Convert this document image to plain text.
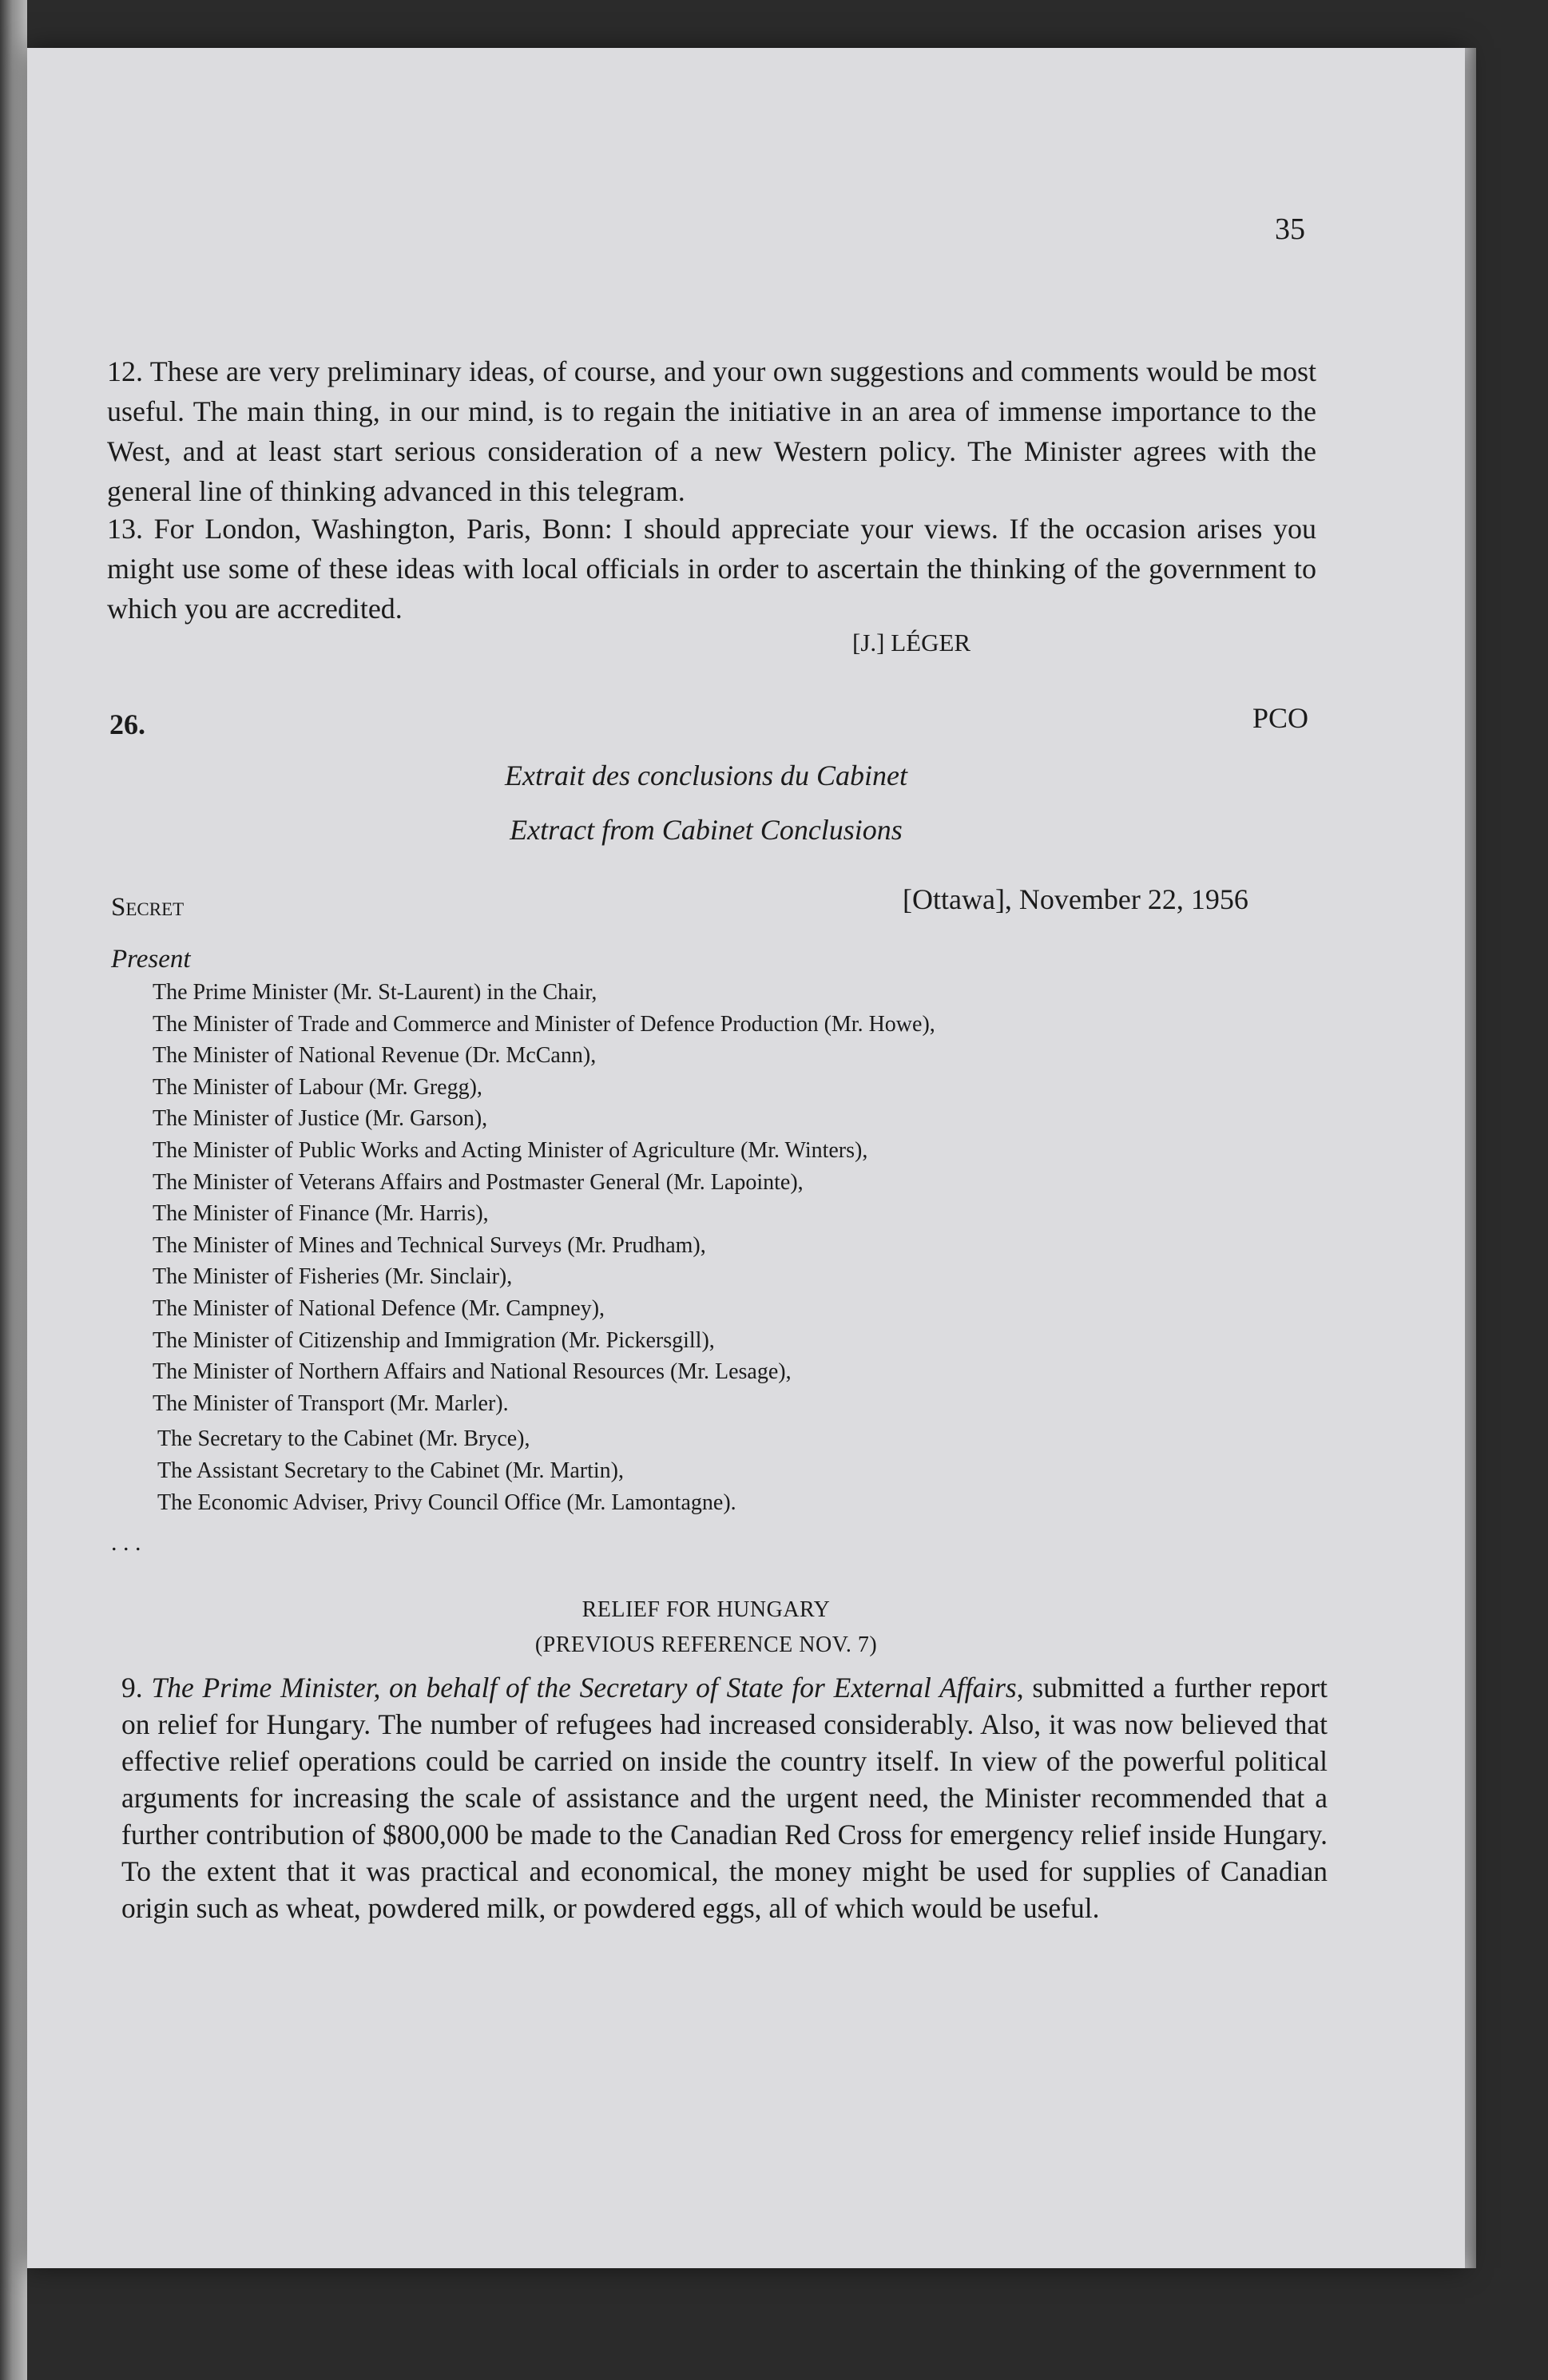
35
12. These are very preliminary ideas, of course, and your own suggestions and comments would be most useful. The main thing, in our mind, is to regain the initiative in an area of immense importance to the West, and at least start serious consideration of a new Western policy. The Minister agrees with the general line of thinking advanced in this telegram.
13. For London, Washington, Paris, Bonn: I should appreciate your views. If the occasion arises you might use some of these ideas with local officials in order to ascertain the thinking of the government to which you are accredited.
[J.] LÉGER
26.	PCO
Extrait des conclusions du Cabinet
Extract from Cabinet Conclusions
Secret	[Ottawa], November 22, 1956
Present
The Prime Minister (Mr. St-Laurent) in the Chair,
The Minister of Trade and Commerce and Minister of Defence Production (Mr. Howe),
The Minister of National Revenue (Dr. McCann),
The Minister of Labour (Mr. Gregg),
The Minister of Justice (Mr. Garson),
The Minister of Public Works and Acting Minister of Agriculture (Mr. Winters),
The Minister of Veterans Affairs and Postmaster General (Mr. Lapointe),
The Minister of Finance (Mr. Harris),
The Minister of Mines and Technical Surveys (Mr. Prudham),
The Minister of Fisheries (Mr. Sinclair),
The Minister of National Defence (Mr. Campney),
The Minister of Citizenship and Immigration (Mr. Pickersgill),
The Minister of Northern Affairs and National Resources (Mr. Lesage),
The Minister of Transport (Mr. Marler).
The Secretary to the Cabinet (Mr. Bryce),
The Assistant Secretary to the Cabinet (Mr. Martin),
The Economic Adviser, Privy Council Office (Mr. Lamontagne).
. . .
RELIEF FOR HUNGARY
(PREVIOUS REFERENCE NOV. 7)
9. The Prime Minister, on behalf of the Secretary of State for External Affairs, submitted a further report on relief for Hungary. The number of refugees had increased considerably. Also, it was now believed that effective relief operations could be carried on inside the country itself. In view of the powerful political arguments for increasing the scale of assistance and the urgent need, the Minister recommended that a further contribution of $800,000 be made to the Canadian Red Cross for emergency relief inside Hungary. To the extent that it was practical and economical, the money might be used for supplies of Canadian origin such as wheat, powdered milk, or powdered eggs, all of which would be useful.
